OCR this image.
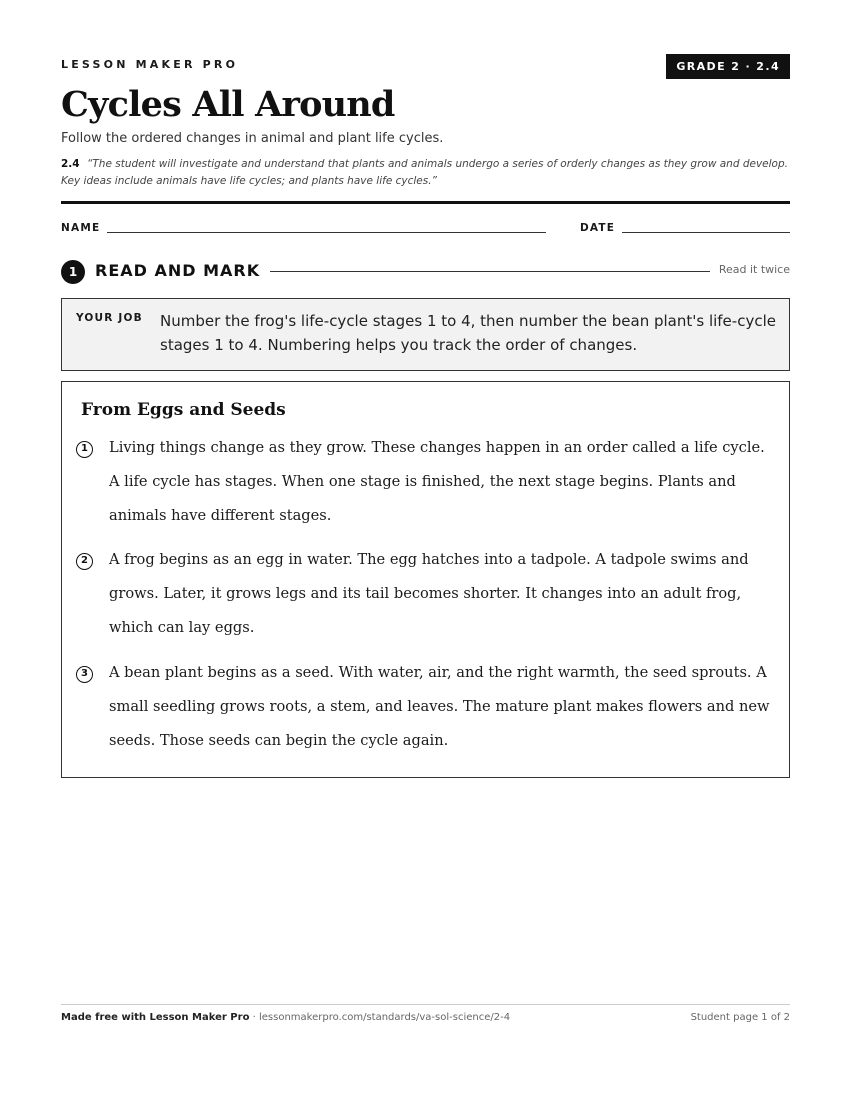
LESSON MAKER PRO	GRADE 2 · 2.4
Cycles All Around
Follow the ordered changes in animal and plant life cycles.
2.4 “The student will investigate and understand that plants and animals undergo a series of orderly changes as they grow and develop. Key ideas include animals have life cycles; and plants have life cycles.”
NAME	DATE
1	READ AND MARK	Read it twice
YOUR JOB Number the frog's life-cycle stages 1 to 4, then number the bean plant's life-cycle stages 1 to 4. Numbering helps you track the order of changes.
From Eggs and Seeds
1	Living things change as they grow. These changes happen in an order called a life cycle. A life cycle has stages. When one stage is finished, the next stage begins. Plants and animals have different stages.
2	A frog begins as an egg in water. The egg hatches into a tadpole. A tadpole swims and grows. Later, it grows legs and its tail becomes shorter. It changes into an adult frog, which can lay eggs.
3	A bean plant begins as a seed. With water, air, and the right warmth, the seed sprouts. A small seedling grows roots, a stem, and leaves. The mature plant makes flowers and new seeds. Those seeds can begin the cycle again.
Made free with Lesson Maker Pro · lessonmakerpro.com/standards/va-sol-science/2-4	Student page 1 of 2
